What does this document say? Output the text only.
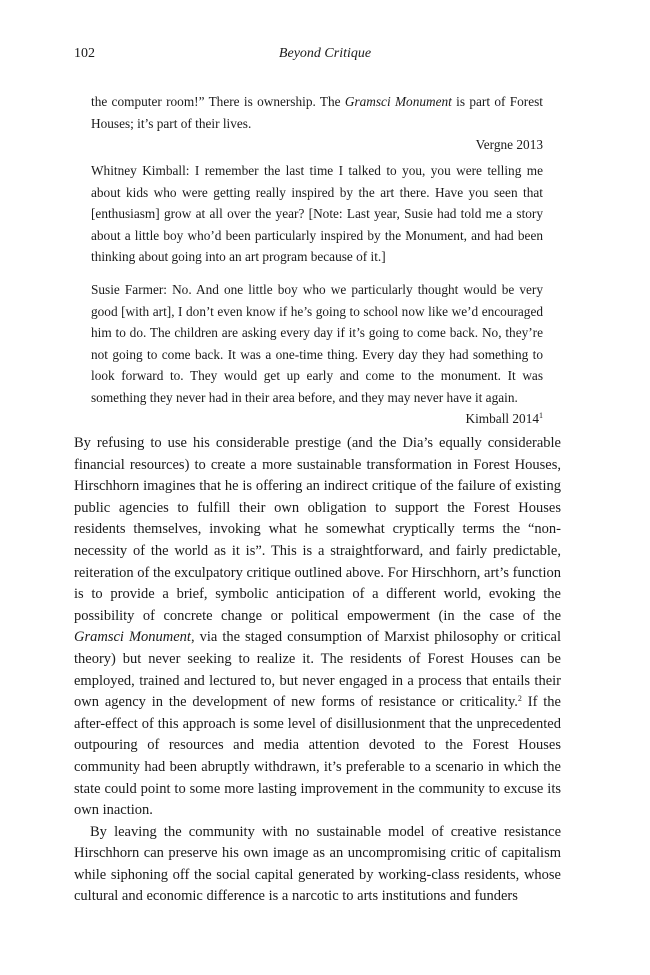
102	Beyond Critique

the computer room!” There is ownership. The Gramsci Monument is part of Forest Houses; it’s part of their lives.

Vergne 2013

Whitney Kimball: I remember the last time I talked to you, you were telling me about kids who were getting really inspired by the art there. Have you seen that [enthusiasm] grow at all over the year? [Note: Last year, Susie had told me a story about a little boy who’d been particularly inspired by the Monument, and had been thinking about going into an art program because of it.]

Susie Farmer: No. And one little boy who we particularly thought would be very good [with art], I don’t even know if he’s going to school now like we’d encouraged him to do. The children are asking every day if it’s going to come back. No, they’re not going to come back. It was a one-time thing. Every day they had something to look forward to. They would get up early and come to the monument. It was something they never had in their area before, and they may never have it again.

Kimball 2014$^1$

By refusing to use his considerable prestige (and the Dia’s equally considerable financial resources) to create a more sustainable transformation in Forest Houses, Hirschhorn imagines that he is offering an indirect critique of the failure of existing public agencies to fulfill their own obligation to support the Forest Houses residents themselves, invoking what he somewhat cryptically terms the “non-necessity of the world as it is”. This is a straightforward, and fairly predictable, reiteration of the exculpatory critique outlined above. For Hirschhorn, art’s function is to provide a brief, symbolic anticipation of a different world, evoking the possibility of concrete change or political empowerment (in the case of the Gramsci Monument, via the staged consumption of Marxist philosophy or critical theory) but never seeking to realize it. The residents of Forest Houses can be employed, trained and lectured to, but never engaged in a process that entails their own agency in the development of new forms of resistance or criticality.$^2$ If the after-effect of this approach is some level of disillusionment that the unprecedented outpouring of resources and media attention devoted to the Forest Houses community had been abruptly withdrawn, it’s preferable to a scenario in which the state could point to some more lasting improvement in the community to excuse its own inaction.

By leaving the community with no sustainable model of creative resistance Hirschhorn can preserve his own image as an uncompromising critic of capitalism while siphoning off the social capital generated by working-class residents, whose cultural and economic difference is a narcotic to arts institutions and funders
